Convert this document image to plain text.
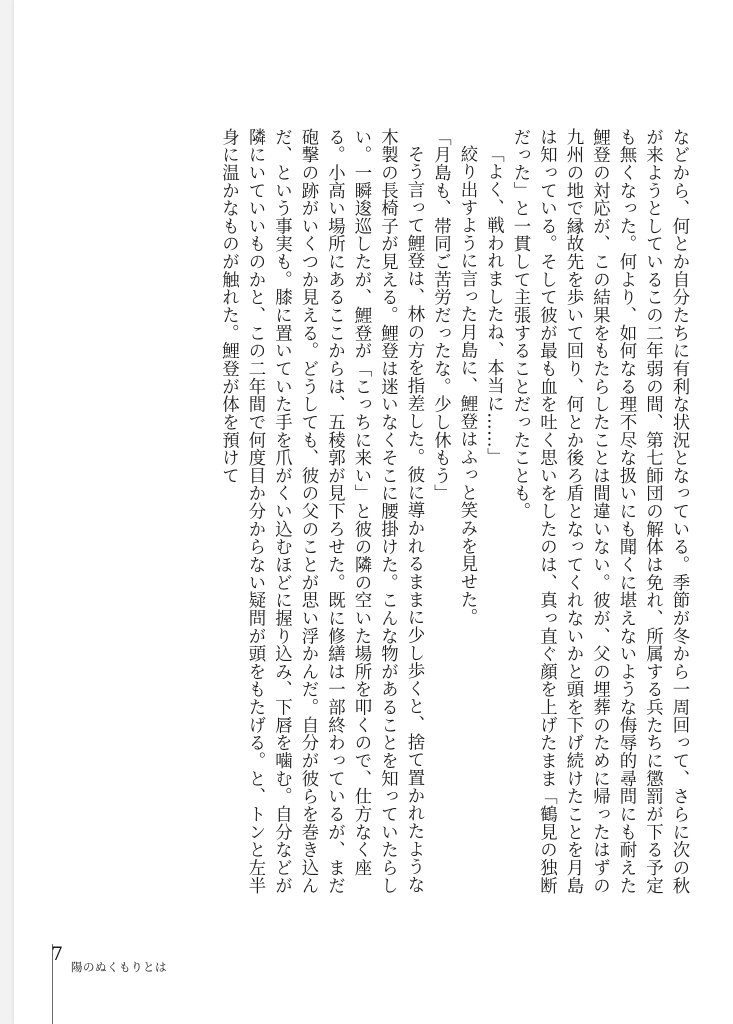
などから、何とか自分たちに有利な状況となっている。季節が冬から一周回って、さらに次の秋が来ようとしているこの二年弱の間、第七師団の解体は免れ、所属する兵たちに懲罰が下る予定も無くなった。何より、如何なる理不尽な扱いにも聞くに堪えないような侮辱的尋問にも耐えた鯉登の対応が、この結果をもたらしたことは間違いない。彼が、父の埋葬のために帰ったはずの九州の地で縁故先を歩いて回り、何とか後ろ盾となってくれないかと頭を下げ続けたことを月島は知っている。そして彼が最も血を吐く思いをしたのは、真っ直ぐ顔を上げたまま「鶴見の独断だった」と一貫して主張することだったことも。

「よく、戦われましたね、本当に……」

絞り出すように言った月島に、鯉登はふっと笑みを見せた。

「月島も、帯同ご苦労だったな。少し休もう」

そう言って鯉登は、林の方を指差した。彼に導かれるままに少し歩くと、捨て置かれたような木製の長椅子が見える。鯉登は迷いなくそこに腰掛けた。こんな物があることを知っていたらしい。一瞬逡巡したが、鯉登が「こっちに来い」と彼の隣の空いた場所を叩くので、仕方なく座る。小高い場所にあるここからは、五稜郭が見下ろせた。既に修繕は一部終わっているが、まだ砲撃の跡がいくつか見える。どうしても、彼の父のことが思い浮かんだ。自分が彼らを巻き込んだ、という事実も。膝に置いていた手を爪がくい込むほどに握り込み、下唇を噛む。自分などが隣にいていいものかと、この二年間で何度目か分からない疑問が頭をもたげる。と、トンと左半身に温かなものが触れた。鯉登が体を預けて

7
陽のぬくもりとは
